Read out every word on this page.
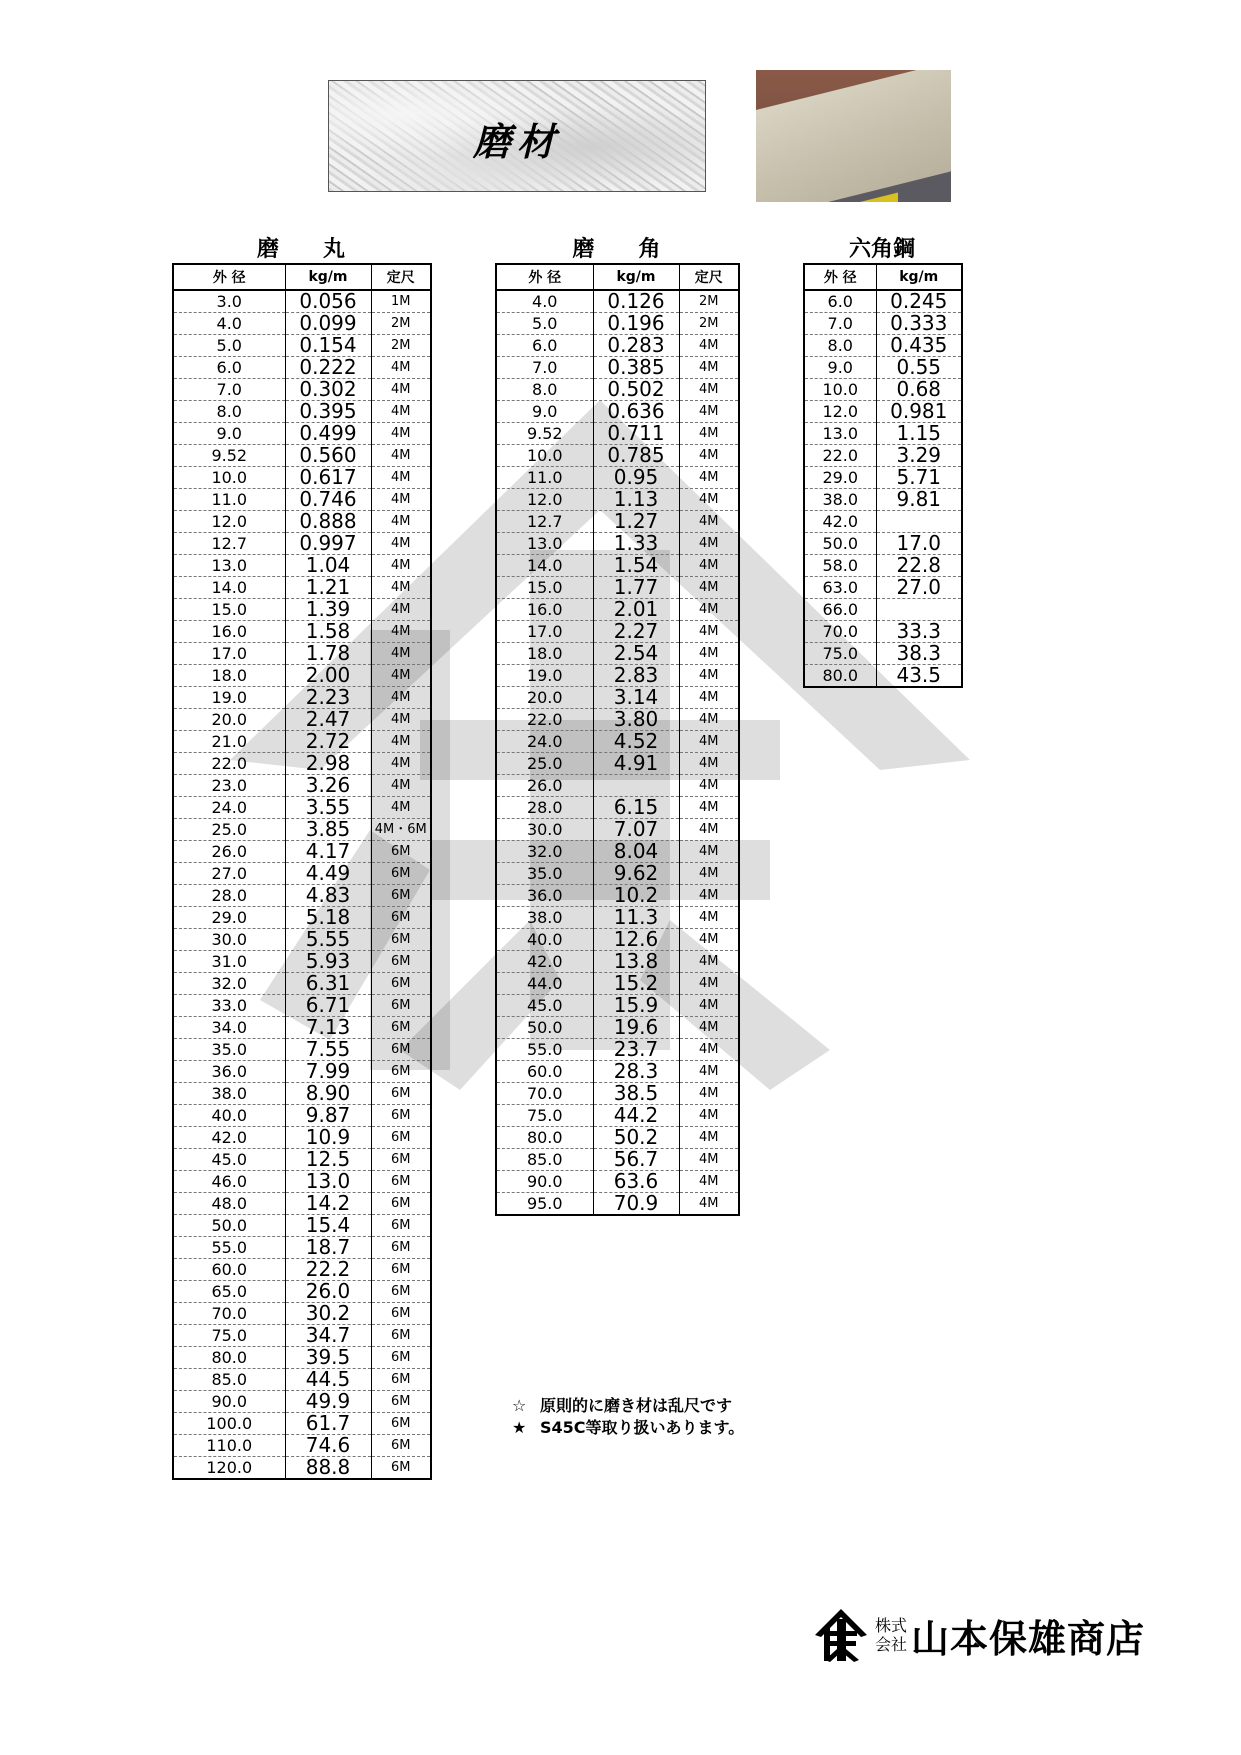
磨材
磨　　丸	磨　　角	六角鋼
外 径	kg/m	定尺
3.0	0.056	1M
4.0	0.099	2M
5.0	0.154	2M
6.0	0.222	4M
7.0	0.302	4M
8.0	0.395	4M
9.0	0.499	4M
9.52	0.560	4M
10.0	0.617	4M
11.0	0.746	4M
12.0	0.888	4M
12.7	0.997	4M
13.0	1.04	4M
14.0	1.21	4M
15.0	1.39	4M
16.0	1.58	4M
17.0	1.78	4M
18.0	2.00	4M
19.0	2.23	4M
20.0	2.47	4M
21.0	2.72	4M
22.0	2.98	4M
23.0	3.26	4M
24.0	3.55	4M
25.0	3.85	4M・6M
26.0	4.17	6M
27.0	4.49	6M
28.0	4.83	6M
29.0	5.18	6M
30.0	5.55	6M
31.0	5.93	6M
32.0	6.31	6M
33.0	6.71	6M
34.0	7.13	6M
35.0	7.55	6M
36.0	7.99	6M
38.0	8.90	6M
40.0	9.87	6M
42.0	10.9	6M
45.0	12.5	6M
46.0	13.0	6M
48.0	14.2	6M
50.0	15.4	6M
55.0	18.7	6M
60.0	22.2	6M
65.0	26.0	6M
70.0	30.2	6M
75.0	34.7	6M
80.0	39.5	6M
85.0	44.5	6M
90.0	49.9	6M
100.0	61.7	6M
110.0	74.6	6M
120.0	88.8	6M
外 径	kg/m	定尺
4.0	0.126	2M
5.0	0.196	2M
6.0	0.283	4M
7.0	0.385	4M
8.0	0.502	4M
9.0	0.636	4M
9.52	0.711	4M
10.0	0.785	4M
11.0	0.95	4M
12.0	1.13	4M
12.7	1.27	4M
13.0	1.33	4M
14.0	1.54	4M
15.0	1.77	4M
16.0	2.01	4M
17.0	2.27	4M
18.0	2.54	4M
19.0	2.83	4M
20.0	3.14	4M
22.0	3.80	4M
24.0	4.52	4M
25.0	4.91	4M
26.0		4M
28.0	6.15	4M
30.0	7.07	4M
32.0	8.04	4M
35.0	9.62	4M
36.0	10.2	4M
38.0	11.3	4M
40.0	12.6	4M
42.0	13.8	4M
44.0	15.2	4M
45.0	15.9	4M
50.0	19.6	4M
55.0	23.7	4M
60.0	28.3	4M
70.0	38.5	4M
75.0	44.2	4M
80.0	50.2	4M
85.0	56.7	4M
90.0	63.6	4M
95.0	70.9	4M
外 径	kg/m
6.0	0.245
7.0	0.333
8.0	0.435
9.0	0.55
10.0	0.68
12.0	0.981
13.0	1.15
22.0	3.29
29.0	5.71
38.0	9.81
42.0	
50.0	17.0
58.0	22.8
63.0	27.0
66.0	
70.0	33.3
75.0	38.3
80.0	43.5
☆ 原則的に磨き材は乱尺です
★ S45C等取り扱いあります。
株式
会社 山本保雄商店
